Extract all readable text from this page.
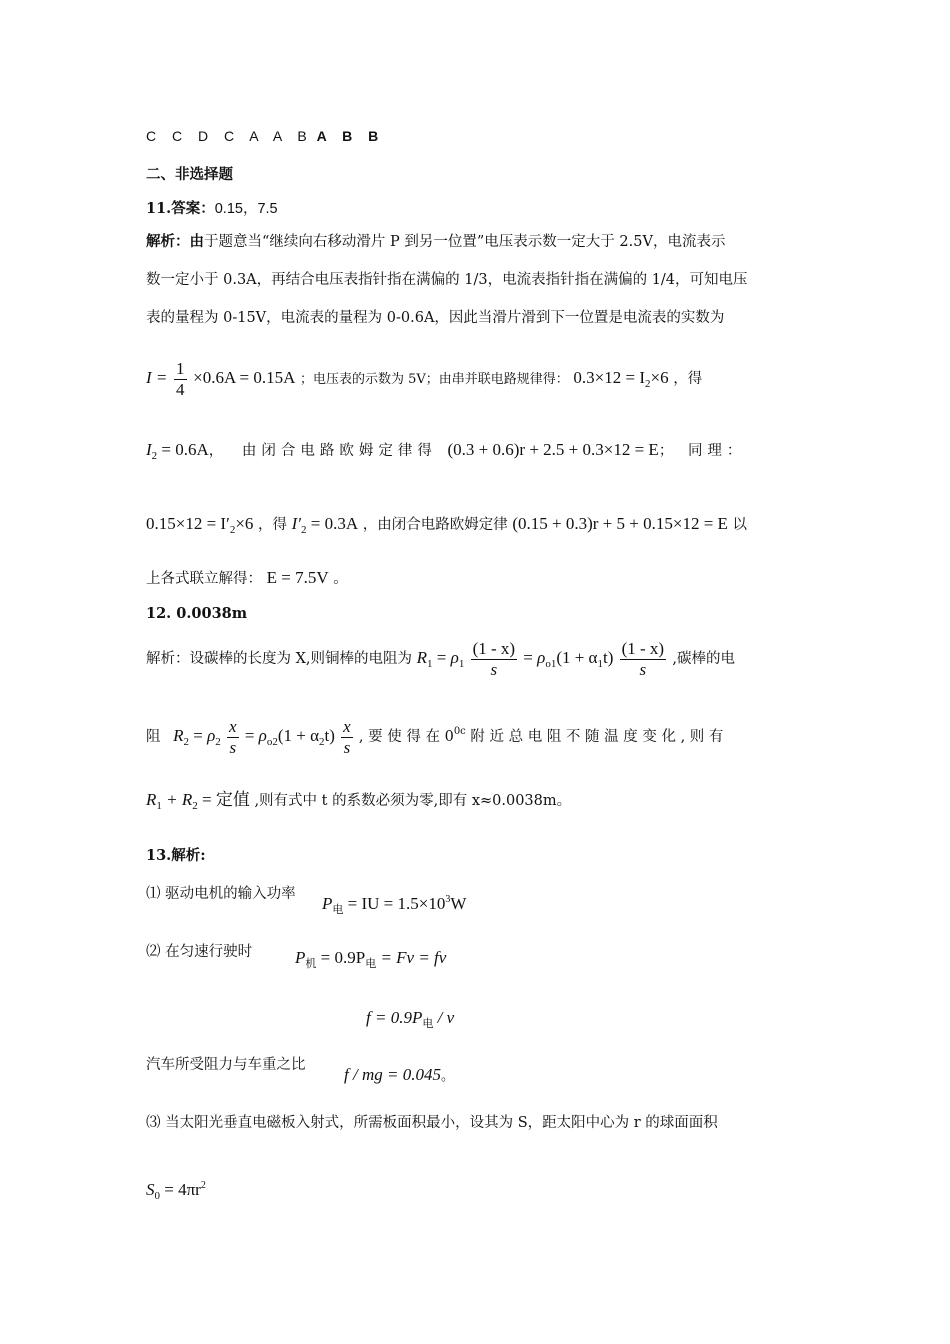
C C D C A A B A B B
二、非选择题
11.答案：0.15，7.5
解析：由于题意当“继续向右移动滑片 P 到另一位置”电压表示数一定大于 2.5V，电流表示
数一定小于 0.3A，再结合电压表指针指在满偏的 1/3，电流表指针指在满偏的 1/4，可知电压
表的量程为 0-15V，电流表的量程为 0-0.6A，因此当滑片滑到下一位置是电流表的实数为
$I = \frac{1}{4} \times 0.6A = 0.15A$ ；电压表的示数为 5V；由串并联电路规律得： $0.3\times 12 = I_2\times 6$ ，得
$I_2 = 0.6A$， 由闭合电路欧姆定律得 (0.3 + 0.6)r + 2.5 + 0.3×12 = E； 同理：
$0.15\times 12 = I'_2\times 6$ ，得 $I'_2 = 0.3A$ ，由闭合电路欧姆定律 (0.15 + 0.3)r + 5 + 0.15×12 = E 以
上各式联立解得： E = 7.5V 。
12. 0.0038m
解析：设碳棒的长度为 X,则铜棒的电阻为 $R_1 = \rho_1 \frac{(1 - x)}{s} = \rho_{o1}(1 + \alpha_1t) \frac{(1 - x)}{s}$ ,碳棒的电
阻 $R_2 = \rho_2 \frac{x}{s} = \rho_{o2}(1 + \alpha_2t) \frac{x}{s}$ , 要 使 得 在 $0^{0c}$ 附 近 总 电 阻 不 随 温 度 变 化 , 则 有
$R_1 + R_2$ = 定值 ,则有式中 t 的系数必须为零,即有 x≈0.0038m。
13.解析:
⑴ 驱动电机的输入功率 $P_电$ = IU = $1.5\times 10^3W$
⑵ 在匀速行驶时	$P_机 = 0.9P_电 = Fv$ = fv
$f = 0.9P_电 / v$
汽车所受阻力与车重之比 f / mg = 0.045。
⑶ 当太阳光垂直电磁板入射式，所需板面积最小，设其为 S，距太阳中心为 r 的球面面积
$S_0 = 4\pi r^2$
